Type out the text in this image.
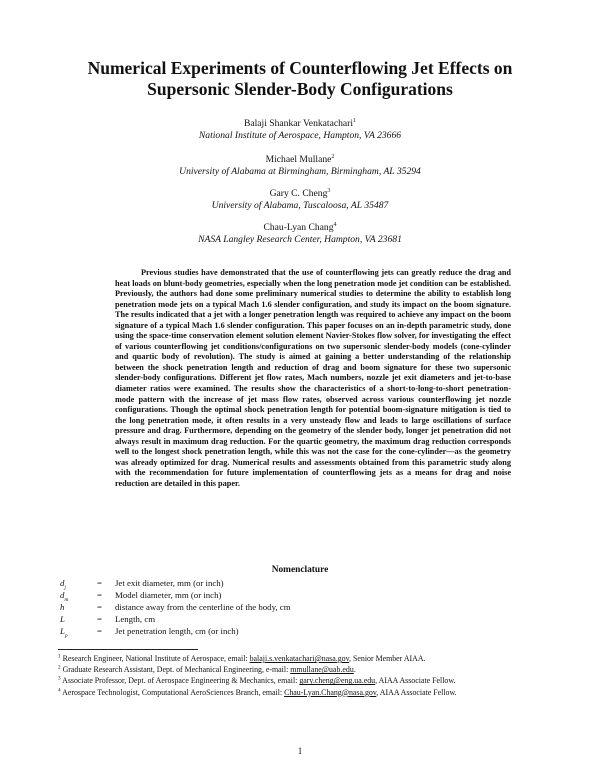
Numerical Experiments of Counterflowing Jet Effects on Supersonic Slender-Body Configurations
Balaji Shankar Venkatachari$^1$
National Institute of Aerospace, Hampton, VA 23666
Michael Mullane$^2$
University of Alabama at Birmingham, Birmingham, AL 35294
Gary C. Cheng$^3$
University of Alabama, Tuscaloosa, AL 35487
Chau-Lyan Chang$^4$
NASA Langley Research Center, Hampton, VA 23681

Previous studies have demonstrated that the use of counterflowing jets can greatly reduce the drag and heat loads on blunt-body geometries, especially when the long penetration mode jet condition can be established. Previously, the authors had done some preliminary numerical studies to determine the ability to establish long penetration mode jets on a typical Mach 1.6 slender configuration, and study its impact on the boom signature. The results indicated that a jet with a longer penetration length was required to achieve any impact on the boom signature of a typical Mach 1.6 slender configuration. This paper focuses on an in-depth parametric study, done using the space-time conservation element solution element Navier-Stokes flow solver, for investigating the effect of various counterflowing jet conditions/configurations on two supersonic slender-body models (cone-cylinder and quartic body of revolution). The study is aimed at gaining a better understanding of the relationship between the shock penetration length and reduction of drag and boom signature for these two supersonic slender-body configurations. Different jet flow rates, Mach numbers, nozzle jet exit diameters and jet-to-base diameter ratios were examined. The results show the characteristics of a short-to-long-to-short penetration-mode pattern with the increase of jet mass flow rates, observed across various counterflowing jet nozzle configurations. Though the optimal shock penetration length for potential boom-signature mitigation is tied to the long penetration mode, it often results in a very unsteady flow and leads to large oscillations of surface pressure and drag. Furthermore, depending on the geometry of the slender body, longer jet penetration did not always result in maximum drag reduction. For the quartic geometry, the maximum drag reduction corresponds well to the longest shock penetration length, while this was not the case for the cone-cylinder—as the geometry was already optimized for drag. Numerical results and assessments obtained from this parametric study along with the recommendation for future implementation of counterflowing jets as a means for drag and noise reduction are detailed in this paper.

Nomenclature
$d_j$	= Jet exit diameter, mm (or inch)
$d_m$	= Model diameter, mm (or inch)
h	= distance away from the centerline of the body, cm
L	= Length, cm
$L_p$	= Jet penetration length, cm (or inch)

$^1$ Research Engineer, National Institute of Aerospace, email: balaji.s.venkatachari@nasa.gov, Senior Member AIAA.

$^2$ Graduate Research Assistant, Dept. of Mechanical Engineering, e-mail: mmullane@uab.edu.

$^3$ Associate Professor, Dept. of Aerospace Engineering & Mechanics, email: gary.cheng@eng.ua.edu, AIAA Associate Fellow.

$^4$ Aerospace Technologist, Computational AeroSciences Branch, email: Chau-Lyan.Chang@nasa.gov, AIAA Associate Fellow.

1
